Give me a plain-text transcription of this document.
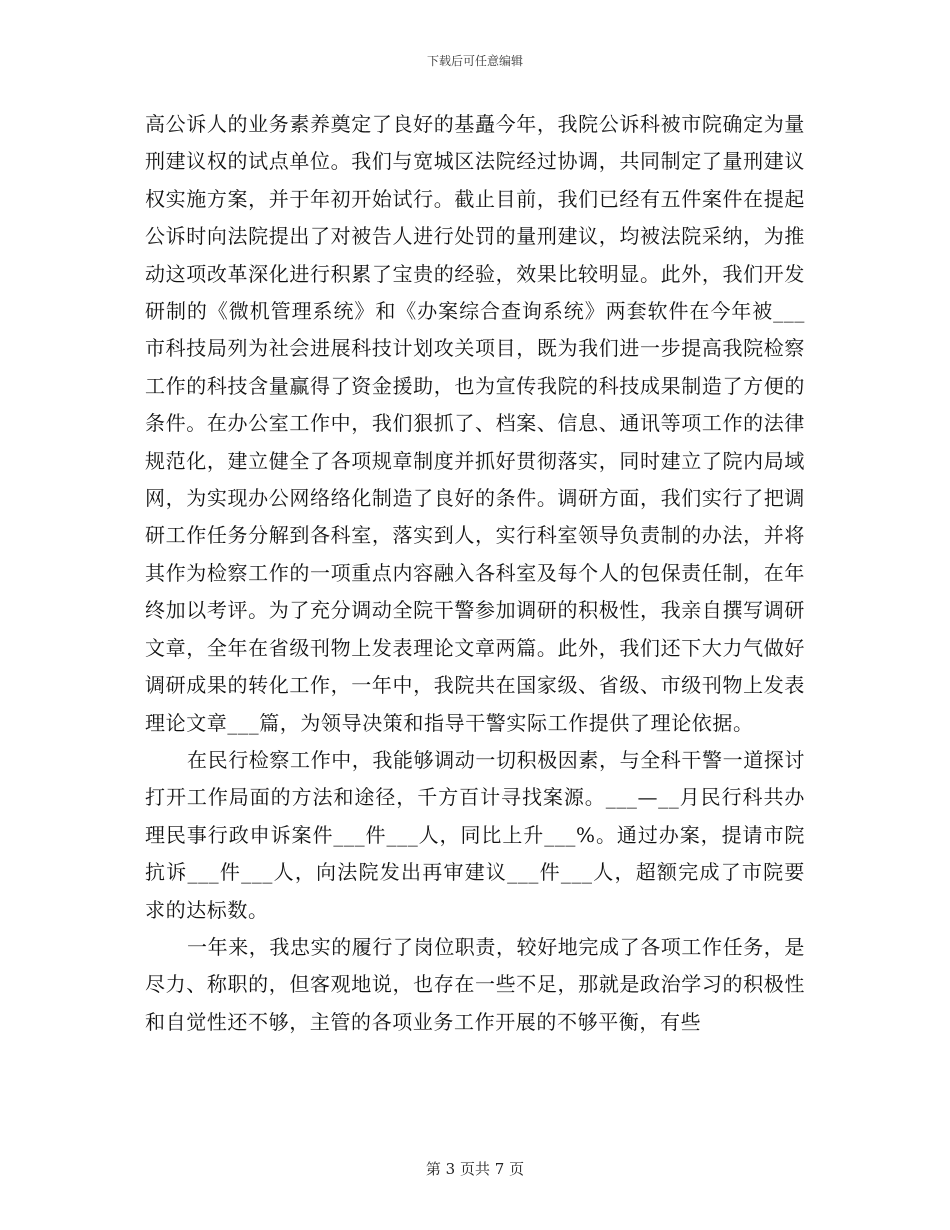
下载后可任意编辑

高公诉人的业务素养奠定了良好的基矗今年，我院公诉科被市院确定为量刑建议权的试点单位。我们与宽城区法院经过协调，共同制定了量刑建议权实施方案，并于年初开始试行。截止目前，我们已经有五件案件在提起公诉时向法院提出了对被告人进行处罚的量刑建议，均被法院采纳，为推动这项改革深化进行积累了宝贵的经验，效果比较明显。此外，我们开发研制的《微机管理系统》和《办案综合查询系统》两套软件在今年被___市科技局列为社会进展科技计划攻关项目，既为我们进一步提高我院检察工作的科技含量赢得了资金援助，也为宣传我院的科技成果制造了方便的条件。在办公室工作中，我们狠抓了、档案、信息、通讯等项工作的法律规范化，建立健全了各项规章制度并抓好贯彻落实，同时建立了院内局域网，为实现办公网络络化制造了良好的条件。调研方面，我们实行了把调研工作任务分解到各科室，落实到人，实行科室领导负责制的办法，并将其作为检察工作的一项重点内容融入各科室及每个人的包保责任制，在年终加以考评。为了充分调动全院干警参加调研的积极性，我亲自撰写调研文章，全年在省级刊物上发表理论文章两篇。此外，我们还下大力气做好调研成果的转化工作，一年中，我院共在国家级、省级、市级刊物上发表理论文章___篇，为领导决策和指导干警实际工作提供了理论依据。

在民行检察工作中，我能够调动一切积极因素，与全科干警一道探讨打开工作局面的方法和途径，千方百计寻找案源。___—__月民行科共办理民事行政申诉案件___件___人，同比上升___%。通过办案，提请市院抗诉___件___人，向法院发出再审建议___件___人，超额完成了市院要求的达标数。

一年来，我忠实的履行了岗位职责，较好地完成了各项工作任务，是尽力、称职的，但客观地说，也存在一些不足，那就是政治学习的积极性和自觉性还不够，主管的各项业务工作开展的不够平衡，有些

第 3 页共 7 页
